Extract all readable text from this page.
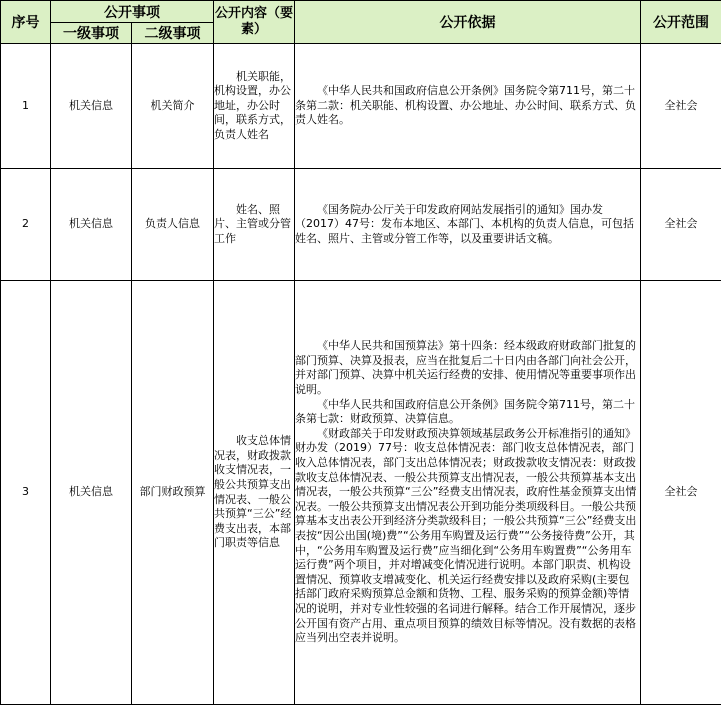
序号	公开事项		公开内容（要素）	公开依据	公开范围
	一级事项	二级事项			
1	机关信息	机关简介	机关职能，机构设置，办公地址，办公时间，联系方式，负责人姓名	《中华人民共和国政府信息公开条例》国务院令第711号，第二十条第二款：机关职能、机构设置、办公地址、办公时间、联系方式、负责人姓名。	全社会
2	机关信息	负责人信息	姓名、照片、主管或分管工作	《国务院办公厅关于印发政府网站发展指引的通知》国办发（2017）47号：发布本地区、本部门、本机构的负责人信息，可包括姓名、照片、主管或分管工作等，以及重要讲话文稿。	全社会
3	机关信息	部门财政预算	收支总体情况表，财政拨款收支情况表，一般公共预算支出情况表、一般公共预算“三公”经 费支出表，本部门职责等信息	《中华人民共和国预算法》第十四条：经本级政府财政部门批复的部门预算、决算及报表，应当在批复后二十日内由各部门向社会公开，并对部门预算、决算中机关运行经费的安排、使用情况等重要事项作出说明。

《中华人民共和国政府信息公开条例》国务院令第711号，第二十条第七款：财政预算、决算信息。

《财政部关于印发财政预决算领域基层政务公开标准指引的通知》财办发（2019）77号：收支总体情况表：部门收支总体情况表，部门收入总体情况表，部门支出总体情况表；财政拨款收支情况表：财政拨款收支总体情况表、一般公共预算支出情况表，一般公共预算基本支出情况表，一般公共预算“三公”经费支出情况表，政府性基金预算支出情况表。一般公共预算支出情况表公开到功能分类项级科目。一般公共预算基本支出表公开到经济分类款级科目；一般公共预算“三公”经费支出表按“因公出国(境)费”“公务用车购置及运行费”“公务接待费”公开，其中，“公务用车购置及运行费”应当细化到“公务用车购置费”“公务用车运行费”两个项目，并对增减变化情况进行说明。本部门职责、机构设置情况、预算收支增减变化、机关运行经费安排以及政府采购(主要包括部门政府采购预算总金额和货物、工程、服务采购的预算金额)等情况的说明，并对专业性较强的名词进行解释。结合工作开展情况，逐步公开国有资产占用、重点项目预算的绩效目标等情况。没有数据的表格应当列出空表并说明。	全社会
